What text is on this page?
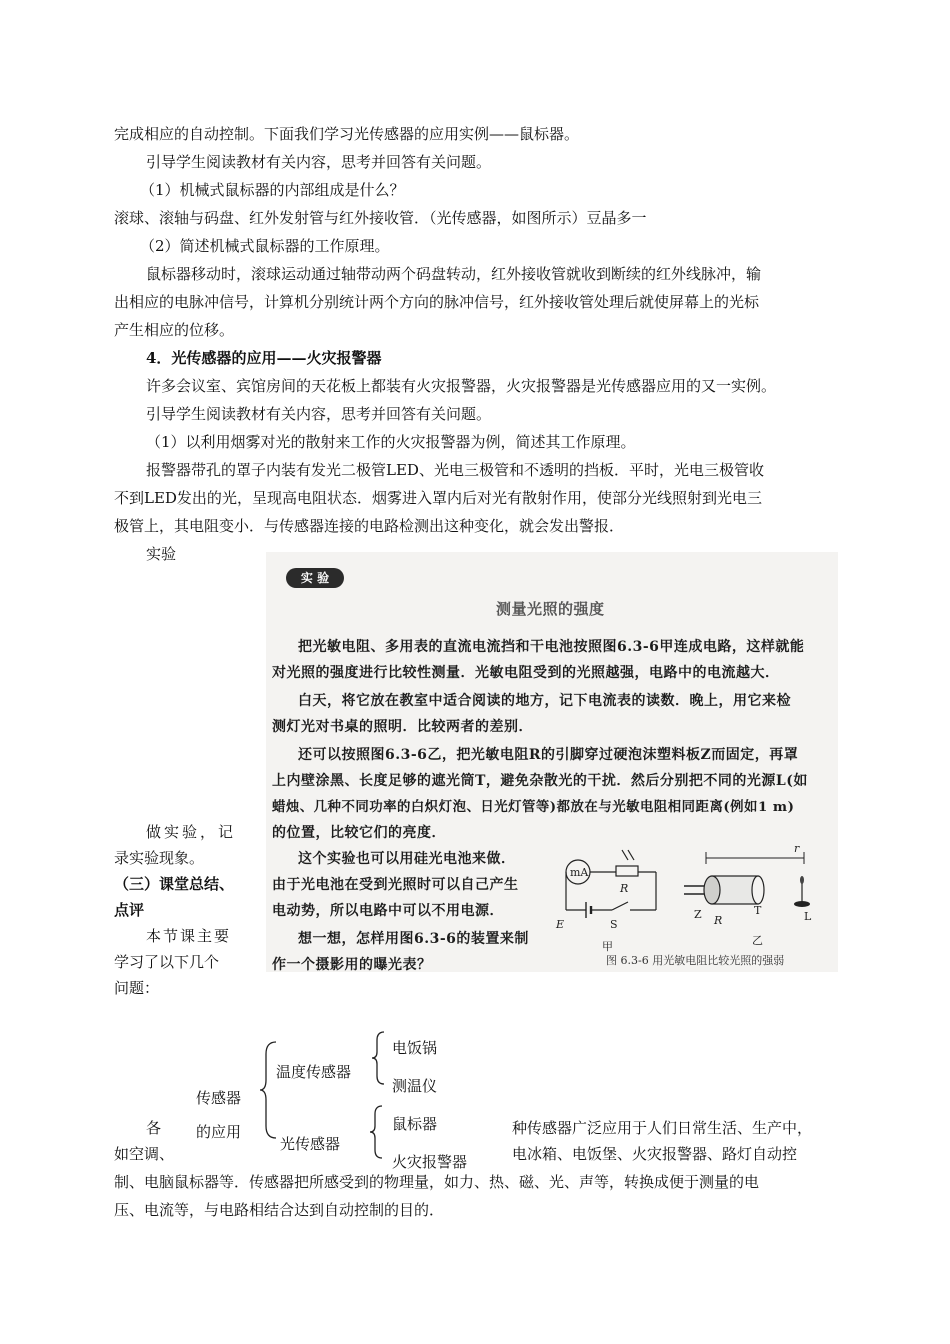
完成相应的自动控制。下面我们学习光传感器的应用实例——鼠标器。
引导学生阅读教材有关内容，思考并回答有关问题。
（1）机械式鼠标器的内部组成是什么？
滚球、滚轴与码盘、红外发射管与红外接收管．（光传感器，如图所示）豆晶多一
（2）简述机械式鼠标器的工作原理。
鼠标器移动时，滚球运动通过轴带动两个码盘转动，红外接收管就收到断续的红外线脉冲，输
出相应的电脉冲信号，计算机分别统计两个方向的脉冲信号，红外接收管处理后就使屏幕上的光标
产生相应的位移。
4．光传感器的应用——火灾报警器
许多会议室、宾馆房间的天花板上都装有火灾报警器，火灾报警器是光传感器应用的又一实例。
引导学生阅读教材有关内容，思考并回答有关问题。
（1）以利用烟雾对光的散射来工作的火灾报警器为例，简述其工作原理。
报警器带孔的罩子内装有发光二极管LED、光电三极管和不透明的挡板．平时，光电三极管收
不到LED发出的光，呈现高电阻状态．烟雾进入罩内后对光有散射作用，使部分光线照射到光电三
极管上，其电阻变小．与传感器连接的电路检测出这种变化，就会发出警报．
实验
做实验，记
录实验现象。
（三）课堂总结、
点评
本节课主要
学习了以下几个
问题：
实 验
测量光照的强度
把光敏电阻、多用表的直流电流挡和干电池按照图6.3-6甲连成电路，这样就能
对光照的强度进行比较性测量．光敏电阻受到的光照越强，电路中的电流越大．
白天，将它放在教室中适合阅读的地方，记下电流表的读数．晚上，用它来检
测灯光对书桌的照明．比较两者的差别．
还可以按照图6.3-6乙，把光敏电阻R的引脚穿过硬泡沫塑料板Z而固定，再罩
上内壁涂黑、长度足够的遮光筒T，避免杂散光的干扰．然后分别把不同的光源L(如
蜡烛、几种不同功率的白炽灯泡、日光灯管等)都放在与光敏电阻相同距离(例如1 m)
的位置，比较它们的亮度．
这个实验也可以用硅光电池来做．
由于光电池在受到光照时可以自己产生
电动势，所以电路中可以不用电源．
想一想，怎样用图6.3-6的装置来制
作一个摄影用的曝光表？
mA
R
E	S
甲
r
Z R
T	L
乙
图 6.3-6 用光敏电阻比较光照的强弱
传感器
的应用
温度传感器
电饭锅
测温仪
光传感器
鼠标器
火灾报警器
各	种传感器广泛应用于人们日常生活、生产中，
如空调、	电冰箱、电饭堡、火灾报警器、路灯自动控
制、电脑鼠标器等．传感器把所感受到的物理量，如力、热、磁、光、声等，转换成便于测量的电
压、电流等，与电路相结合达到自动控制的目的．
